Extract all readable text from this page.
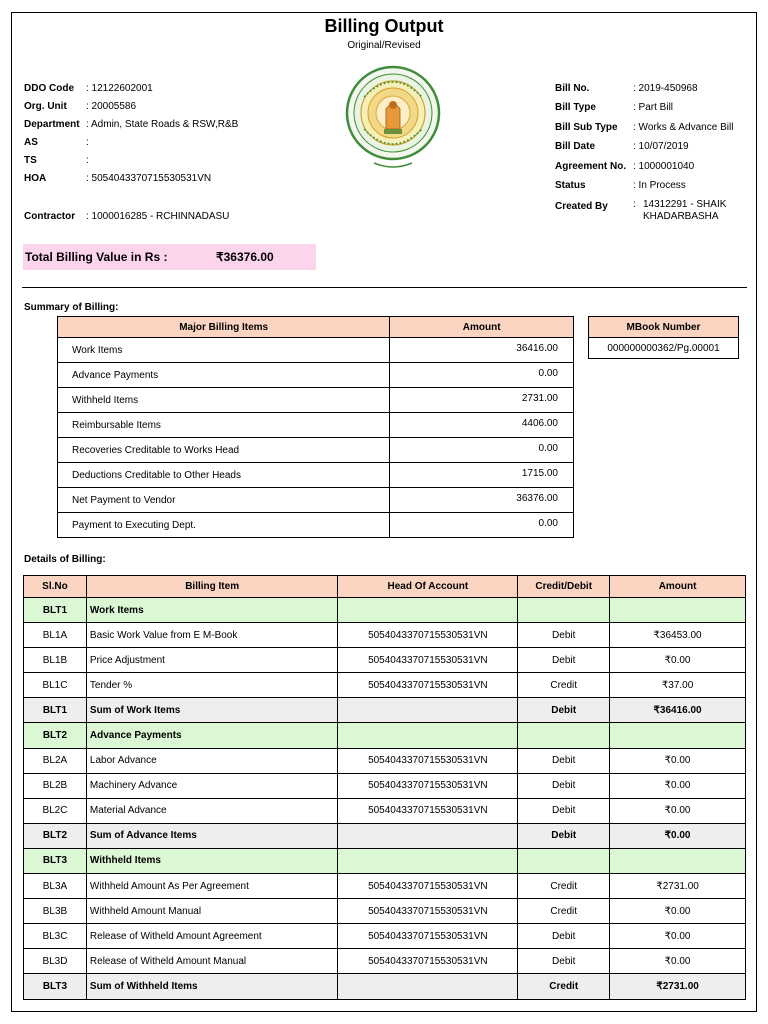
Billing Output
Original/Revised
DDO Code : 12122602001
Org. Unit : 20005586
Department : Admin, State Roads & RSW,R&B
AS	:
TS	:
HOA	: 5054043370715530531VN
Contractor : 1000016285 - RCHINNADASU
Bill No.	: 2019-450968
Bill Type	: Part Bill
Bill Sub Type : Works & Advance Bill
Bill Date	: 10/07/2019
Agreement No. : 1000001040
Status	: In Process
Created By	: 14312291 - SHAIK
KHADARBASHA
Total Billing Value in Rs :	₹36376.00
Summary of Billing:
Major Billing Items	Amount
Work Items	36416.00
Advance Payments	0.00
Withheld Items	2731.00
Reimbursable Items	4406.00
Recoveries Creditable to Works Head	0.00
Deductions Creditable to Other Heads	1715.00
Net Payment to Vendor	36376.00
Payment to Executing Dept.	0.00
MBook Number
000000000362/Pg.00001
Details of Billing:
Sl.No	Billing Item	Head Of Account	Credit/Debit	Amount
BLT1	Work Items			
BL1A	Basic Work Value from E M-Book	5054043370715530531VN	Debit	₹36453.00
BL1B	Price Adjustment	5054043370715530531VN	Debit	₹0.00
BL1C	Tender %	5054043370715530531VN	Credit	₹37.00
BLT1	Sum of Work Items		Debit	₹36416.00
BLT2	Advance Payments			
BL2A	Labor Advance	5054043370715530531VN	Debit	₹0.00
BL2B	Machinery Advance	5054043370715530531VN	Debit	₹0.00
BL2C	Material Advance	5054043370715530531VN	Debit	₹0.00
BLT2	Sum of Advance Items		Debit	₹0.00
BLT3	Withheld Items			
BL3A	Withheld Amount As Per Agreement	5054043370715530531VN	Credit	₹2731.00
BL3B	Withheld Amount Manual	5054043370715530531VN	Credit	₹0.00
BL3C	Release of Witheld Amount Agreement	5054043370715530531VN	Debit	₹0.00
BL3D	Release of Witheld Amount Manual	5054043370715530531VN	Debit	₹0.00
BLT3	Sum of Withheld Items		Credit	₹2731.00
